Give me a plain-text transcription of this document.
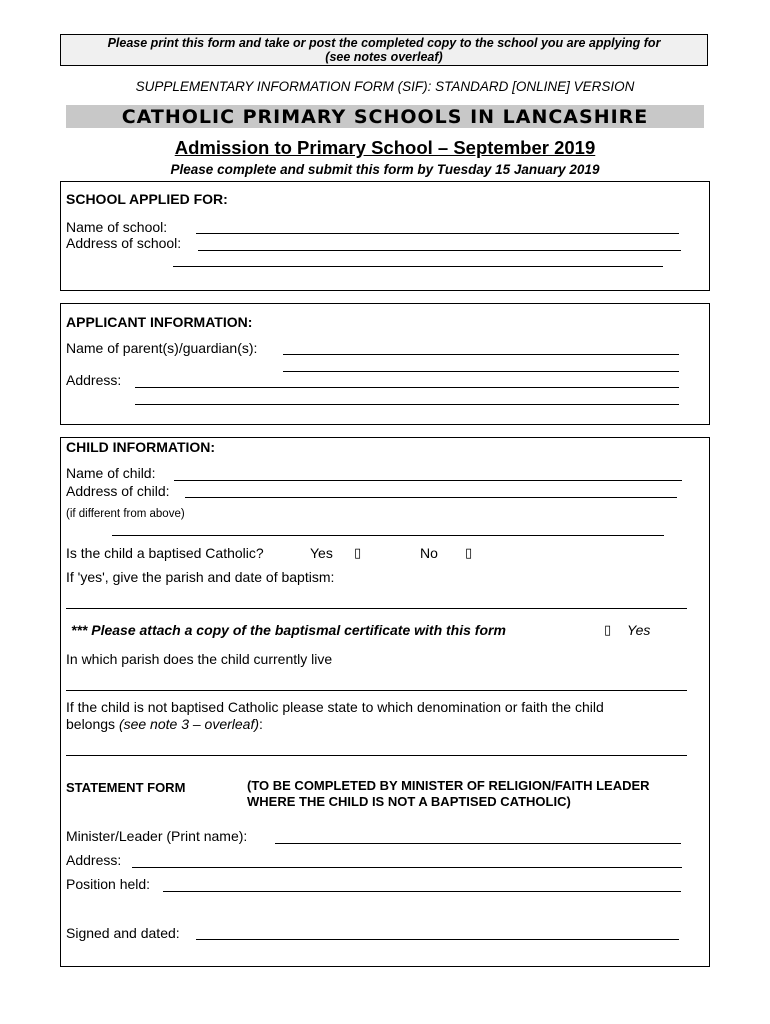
Please print this form and take or post the completed copy to the school you are applying for
(see notes overleaf)
SUPPLEMENTARY INFORMATION FORM (SIF): STANDARD [ONLINE] VERSION
CATHOLIC PRIMARY SCHOOLS IN LANCASHIRE
Admission to Primary School – September 2019
Please complete and submit this form by Tuesday 15 January 2019
SCHOOL APPLIED FOR:
Name of school:
Address of school:
APPLICANT INFORMATION:
Name of parent(s)/guardian(s):
Address:
CHILD INFORMATION:
Name of child:
Address of child:
(if different from above)
Is the child a baptised Catholic?	Yes ▯	No ▯
If 'yes', give the parish and date of baptism:
*** Please attach a copy of the baptismal certificate with this form	▯ Yes
In which parish does the child currently live
If the child is not baptised Catholic please state to which denomination or faith the child
belongs (see note 3 – overleaf):
STATEMENT FORM	(TO BE COMPLETED BY MINISTER OF RELIGION/FAITH LEADER
WHERE THE CHILD IS NOT A BAPTISED CATHOLIC)
Minister/Leader (Print name):
Address:
Position held:
Signed and dated:
